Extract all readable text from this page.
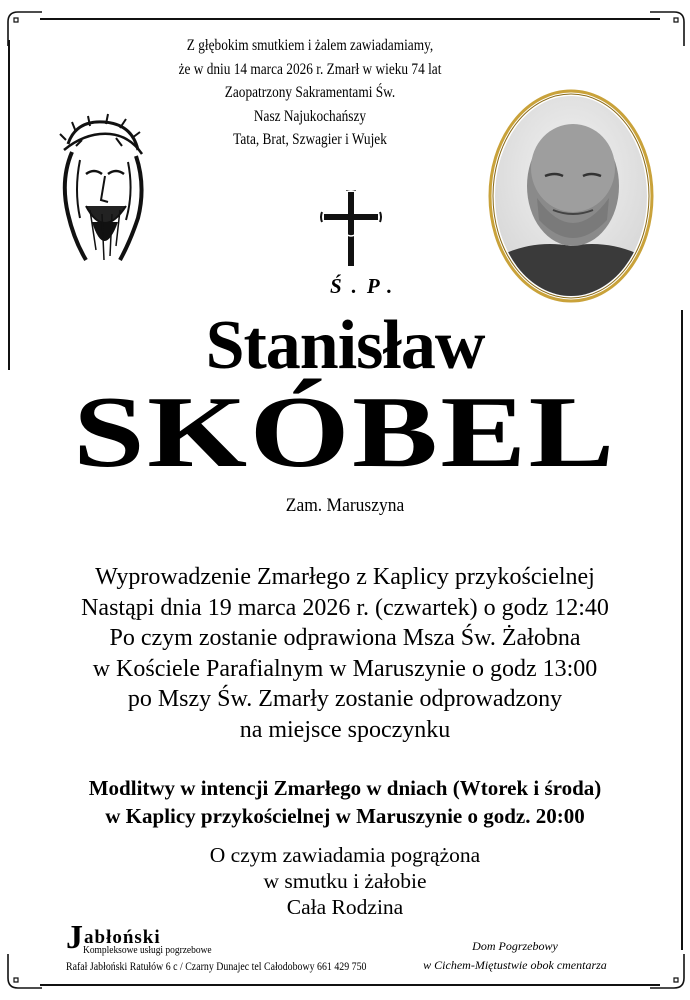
Z głębokim smutkiem i żalem zawiadamiamy,
że w dniu 14 marca 2026 r. Zmarł w wieku 74 lat
Zaopatrzony Sakramentami Św.
Nasz Najukochańszy
Tata, Brat, Szwagier i Wujek
Ś.P.
Stanisław
SKÓBEL
Zam. Maruszyna
Wyprowadzenie Zmarłego z Kaplicy przykościelnej
Nastąpi dnia 19 marca 2026 r. (czwartek) o godz 12:40
Po czym zostanie odprawiona Msza Św. Żałobna
w Kościele Parafialnym w Maruszynie o godz 13:00
po Mszy Św. Zmarły zostanie odprowadzony
na miejsce spoczynku
Modlitwy w intencji Zmarłego w dniach (Wtorek i środa)
w Kaplicy przykościelnej w Maruszynie o godz. 20:00
O czym zawiadamia pogrążona
w smutku i żałobie
Cała Rodzina
Jabłoński
Kompleksowe usługi pogrzebowe
Rafał Jabłoński Ratułów 6 c / Czarny Dunajec tel Całodobowy 661 429 750
Dom Pogrzebowy
w Cichem-Miętustwie obok cmentarza
